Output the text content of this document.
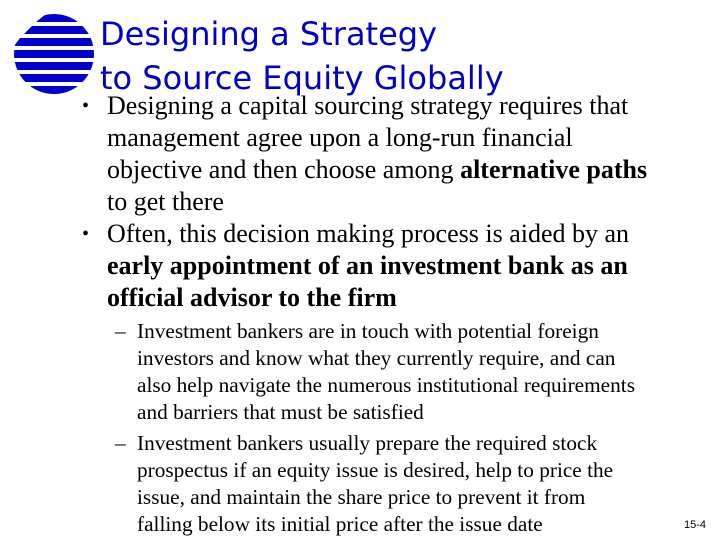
Designing a Strategy
to Source Equity Globally
• Designing a capital sourcing strategy requires that
management agree upon a long-run financial
objective and then choose among alternative paths
to get there
• Often, this decision making process is aided by an
early appointment of an investment bank as an
official advisor to the firm
– Investment bankers are in touch with potential foreign
investors and know what they currently require, and can
also help navigate the numerous institutional requirements
and barriers that must be satisfied
– Investment bankers usually prepare the required stock
prospectus if an equity issue is desired, help to price the
issue, and maintain the share price to prevent it from
falling below its initial price after the issue date	15-4
